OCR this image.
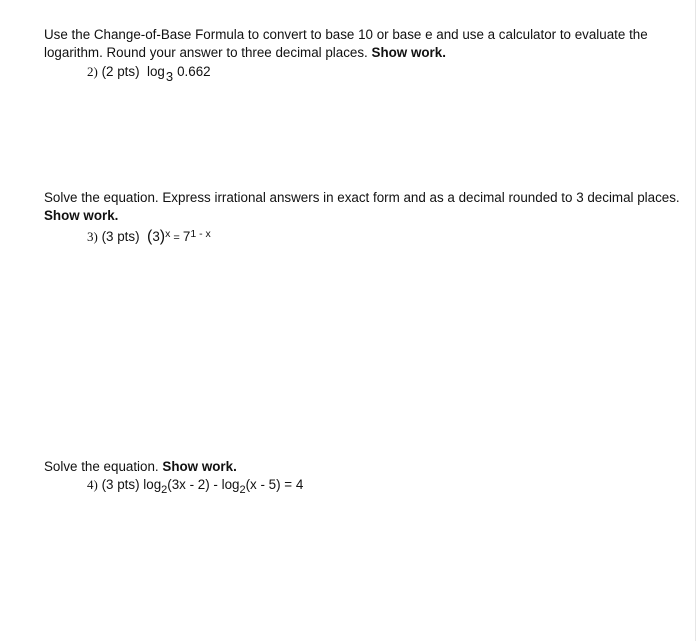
Use the Change-of-Base Formula to convert to base 10 or base e and use a calculator to evaluate the
logarithm. Round your answer to three decimal places. Show work.
2) (2 pts) log3 0.662
Solve the equation. Express irrational answers in exact form and as a decimal rounded to 3 decimal places.
Show work.
3) (3 pts) $(3)^x = 7^{1 - x}$
Solve the equation. Show work.
4) (3 pts) $\log_2(3x - 2) - \log_2(x - 5) = 4$
